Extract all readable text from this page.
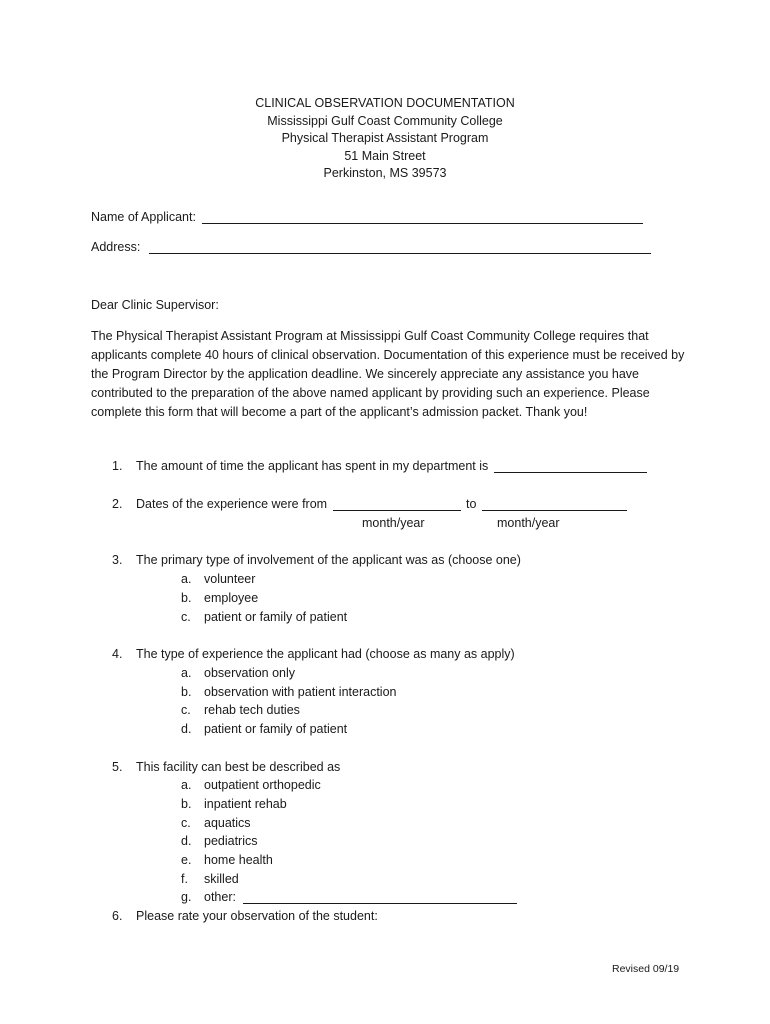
CLINICAL OBSERVATION DOCUMENTATION
Mississippi Gulf Coast Community College
Physical Therapist Assistant Program
51 Main Street
Perkinston, MS 39573
Name of Applicant:
Address:
Dear Clinic Supervisor:
The Physical Therapist Assistant Program at Mississippi Gulf Coast Community College requires that applicants complete 40 hours of clinical observation. Documentation of this experience must be received by the Program Director by the application deadline. We sincerely appreciate any assistance you have contributed to the preparation of the above named applicant by providing such an experience. Please complete this form that will become a part of the applicant’s admission packet. Thank you!
1. The amount of time the applicant has spent in my department is
2. Dates of the experience were from	to
month/year	month/year
3. The primary type of involvement of the applicant was as (choose one)
a. volunteer
b. employee
c. patient or family of patient
4. The type of experience the applicant had (choose as many as apply)
a. observation only
b. observation with patient interaction
c. rehab tech duties
d. patient or family of patient
5. This facility can best be described as
a. outpatient orthopedic
b. inpatient rehab
c. aquatics
d. pediatrics
e. home health
f. skilled
g. other:
6. Please rate your observation of the student:
Revised 09/19
